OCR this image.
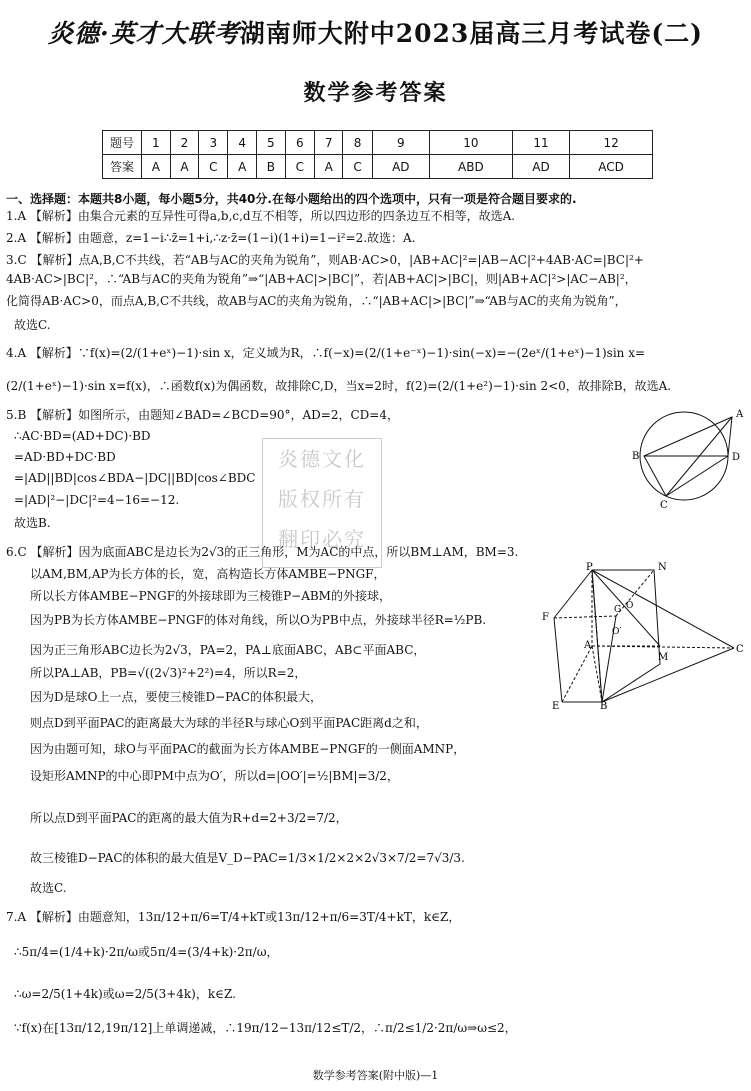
炎德·英才大联考湖南师大附中2023届高三月考试卷(二)
数学参考答案
题号	1	2	3	4	5	6	7	8	9	10	11	12
答案	A	A	C	A	B	C	A	C	AD	ABD	AD	ACD
一、选择题：本题共8小题，每小题5分，共40分.在每小题给出的四个选项中，只有一项是符合题目要求的.
炎德文化
版权所有
翻印必究
1.A 【解析】由集合元素的互异性可得a,b,c,d互不相等，所以四边形的四条边互不相等，故选A.
2.A 【解析】由题意，z=1−i∴z̄=1+i,∴z·z̄=(1−i)(1+i)=1−i²=2.故选：A.
3.C 【解析】点A,B,C不共线，若“AB与AC的夹角为锐角”，则AB·AC>0，|AB+AC|²=|AB−AC|²+4AB·AC=|BC|²+
4AB·AC>|BC|²，∴“AB与AC的夹角为锐角”⇒“|AB+AC|>|BC|”，若|AB+AC|>|BC|，则|AB+AC|²>|AC−AB|²，
化简得AB·AC>0，而点A,B,C不共线，故AB与AC的夹角为锐角，∴“|AB+AC|>|BC|”⇒“AB与AC的夹角为锐角”，
故选C.
4.A 【解析】∵f(x)=(2/(1+eˣ)−1)·sin x，定义域为R，∴f(−x)=(2/(1+e⁻ˣ)−1)·sin(−x)=−(2eˣ/(1+eˣ)−1)sin x=
(2/(1+eˣ)−1)·sin x=f(x)，∴函数f(x)为偶函数，故排除C,D，当x=2时，f(2)=(2/(1+e²)−1)·sin 2<0，故排除B，故选A.
5.B 【解析】如图所示，由题知∠BAD=∠BCD=90°，AD=2，CD=4，
∴AC·BD=(AD+DC)·BD
=AD·BD+DC·BD
=|AD||BD|cos∠BDA−|DC||BD|cos∠BDC
=|AD|²−|DC|²=4−16=−12.
故选B.
6.C 【解析】因为底面ABC是边长为2√3的正三角形，M为AC的中点，所以BM⊥AM，BM=3.
以AM,BM,AP为长方体的长，宽，高构造长方体AMBE−PNGF，
所以长方体AMBE−PNGF的外接球即为三棱锥P−ABM的外接球，
因为PB为长方体AMBE−PNGF的体对角线，所以O为PB中点，外接球半径R=½PB.
因为正三角形ABC边长为2√3，PA=2，PA⊥底面ABC，AB⊂平面ABC，
所以PA⊥AB，PB=√((2√3)²+2²)=4，所以R=2，
因为D是球O上一点，要使三棱锥D−PAC的体积最大，
则点D到平面PAC的距离最大为球的半径R与球心O到平面PAC距离d之和，
因为由题可知，球O与平面PAC的截面为长方体AMBE−PNGF的一侧面AMNP，
设矩形AMNP的中心即PM中点为O′，所以d=|OO′|=½|BM|=3/2，
所以点D到平面PAC的距离的最大值为R+d=2+3/2=7/2，
故三棱锥D−PAC的体积的最大值是V_D−PAC=1/3×1/2×2×2√3×7/2=7√3/3.
故选C.
7.A 【解析】由题意知，13π/12+π/6=T/4+kT或13π/12+π/6=3T/4+kT，k∈Z，
∴5π/4=(1/4+k)·2π/ω或5π/4=(3/4+k)·2π/ω，
∴ω=2/5(1+4k)或ω=2/5(3+4k)，k∈Z.
∵f(x)在[13π/12,19π/12]上单调递减，∴19π/12−13π/12≤T/2，∴π/2≤1/2·2π/ω⇒ω≤2，
A
B
C
D
P	N
F
G O
O′
A
M
C
E	B
数学参考答案(附中版)—1
